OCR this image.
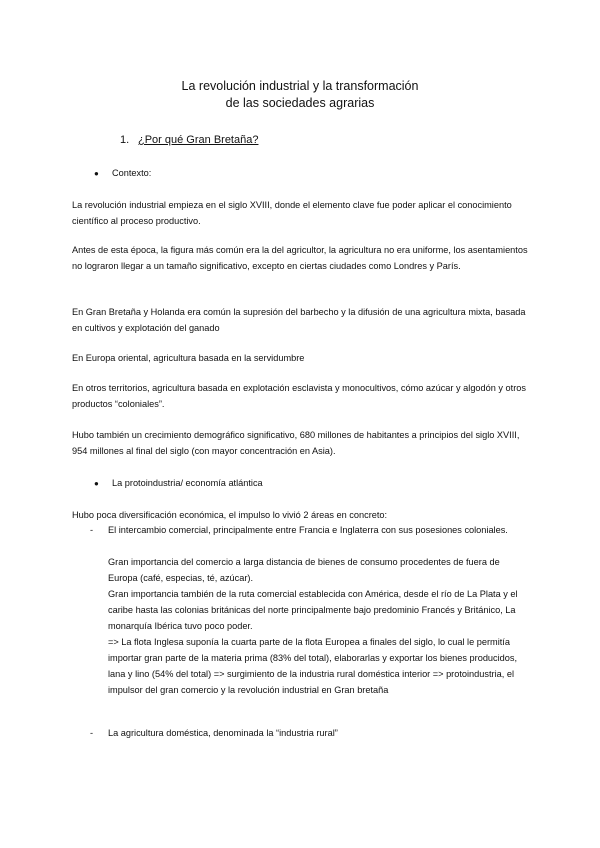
La revolución industrial y la transformación
de las sociedades agrarias
1. ¿Por qué Gran Bretaña?
● Contexto:

La revolución industrial empieza en el siglo XVIII, donde el elemento clave fue poder aplicar el conocimiento científico al proceso productivo.

Antes de esta época, la figura más común era la del agricultor, la agricultura no era uniforme, los asentamientos no lograron llegar a un tamaño significativo, excepto en ciertas ciudades como Londres y París.

En Gran Bretaña y Holanda era común la supresión del barbecho y la difusión de una agricultura mixta, basada en cultivos y explotación del ganado

En Europa oriental, agricultura basada en la servidumbre

En otros territorios, agricultura basada en explotación esclavista y monocultivos, cómo azúcar y algodón y otros productos “coloniales”.

Hubo también un crecimiento demográfico significativo, 680 millones de habitantes a principios del siglo XVIII, 954 millones al final del siglo (con mayor concentración en Asia).

● La protoindustria/ economía atlántica

Hubo poca diversificación económica, el impulso lo vivió 2 áreas en concreto:

- El intercambio comercial, principalmente entre Francia e Inglaterra con sus posesiones coloniales.

Gran importancia del comercio a larga distancia de bienes de consumo procedentes de fuera de Europa (café, especias, té, azúcar).

Gran importancia también de la ruta comercial establecida con América, desde el río de La Plata y el caribe hasta las colonias británicas del norte principalmente bajo predominio Francés y Británico, La monarquía Ibérica tuvo poco poder.

=> La flota Inglesa suponía la cuarta parte de la flota Europea a finales del siglo, lo cual le permitía importar gran parte de la materia prima (83% del total), elaborarlas y exportar los bienes producidos, lana y lino (54% del total) => surgimiento de la industria rural doméstica interior => protoindustria, el impulsor del gran comercio y la revolución industrial en Gran bretaña

- La agricultura doméstica, denominada la “industria rural”
